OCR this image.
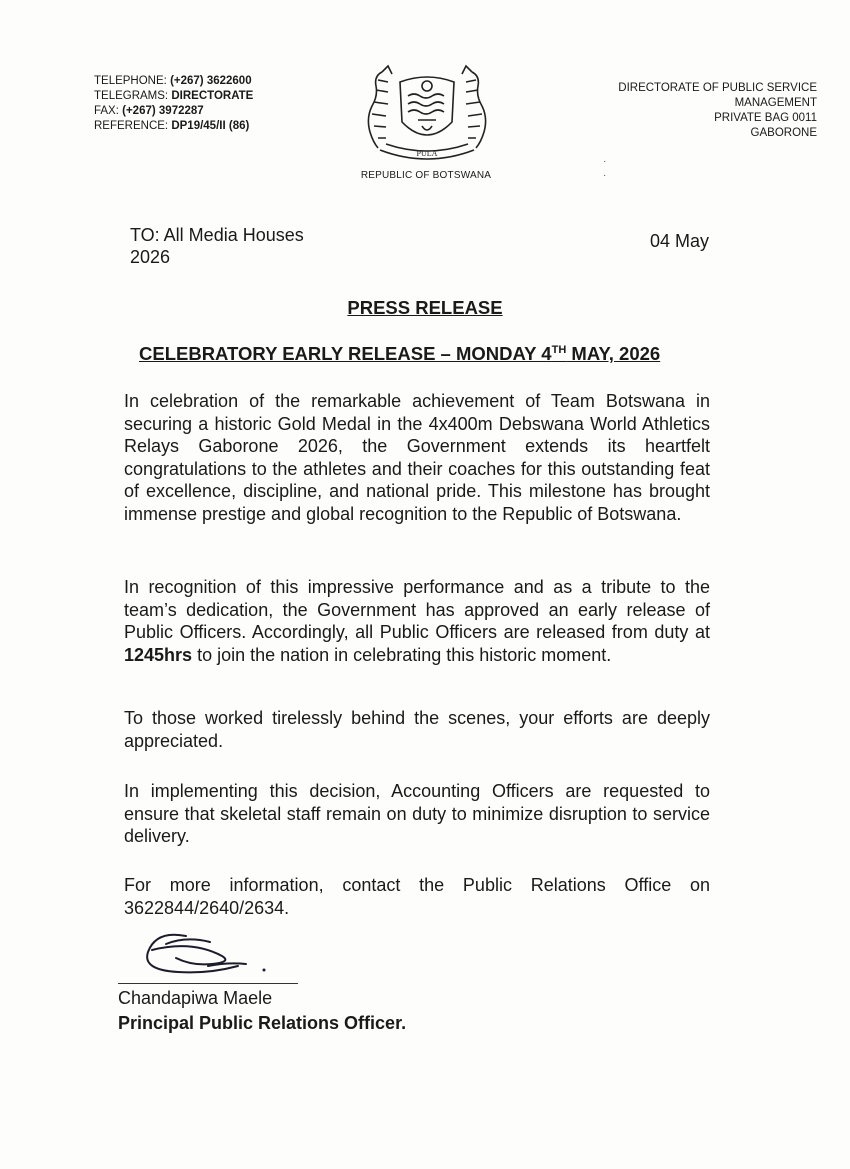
TELEPHONE: (+267) 3622600
TELEGRAMS: DIRECTORATE
FAX: (+267) 3972287
REFERENCE: DP19/45/II (86)
PULA
REPUBLIC OF BOTSWANA
DIRECTORATE OF PUBLIC SERVICE
MANAGEMENT
PRIVATE BAG 0011
GABORONE
·
·
TO: All Media Houses
2026
04 May
PRESS RELEASE
CELEBRATORY EARLY RELEASE – MONDAY 4TH MAY, 2026
In celebration of the remarkable achievement of Team Botswana in securing a historic Gold Medal in the 4x400m Debswana World Athletics Relays Gaborone 2026, the Government extends its heartfelt congratulations to the athletes and their coaches for this outstanding feat of excellence, discipline, and national pride. This milestone has brought immense prestige and global recognition to the Republic of Botswana.
In recognition of this impressive performance and as a tribute to the team’s dedication, the Government has approved an early release of Public Officers. Accordingly, all Public Officers are released from duty at 1245hrs to join the nation in celebrating this historic moment.
To those worked tirelessly behind the scenes, your efforts are deeply appreciated.
In implementing this decision, Accounting Officers are requested to ensure that skeletal staff remain on duty to minimize disruption to service delivery.
For more information, contact the Public Relations Office on 3622844/2640/2634.
Chandapiwa Maele
Principal Public Relations Officer.
